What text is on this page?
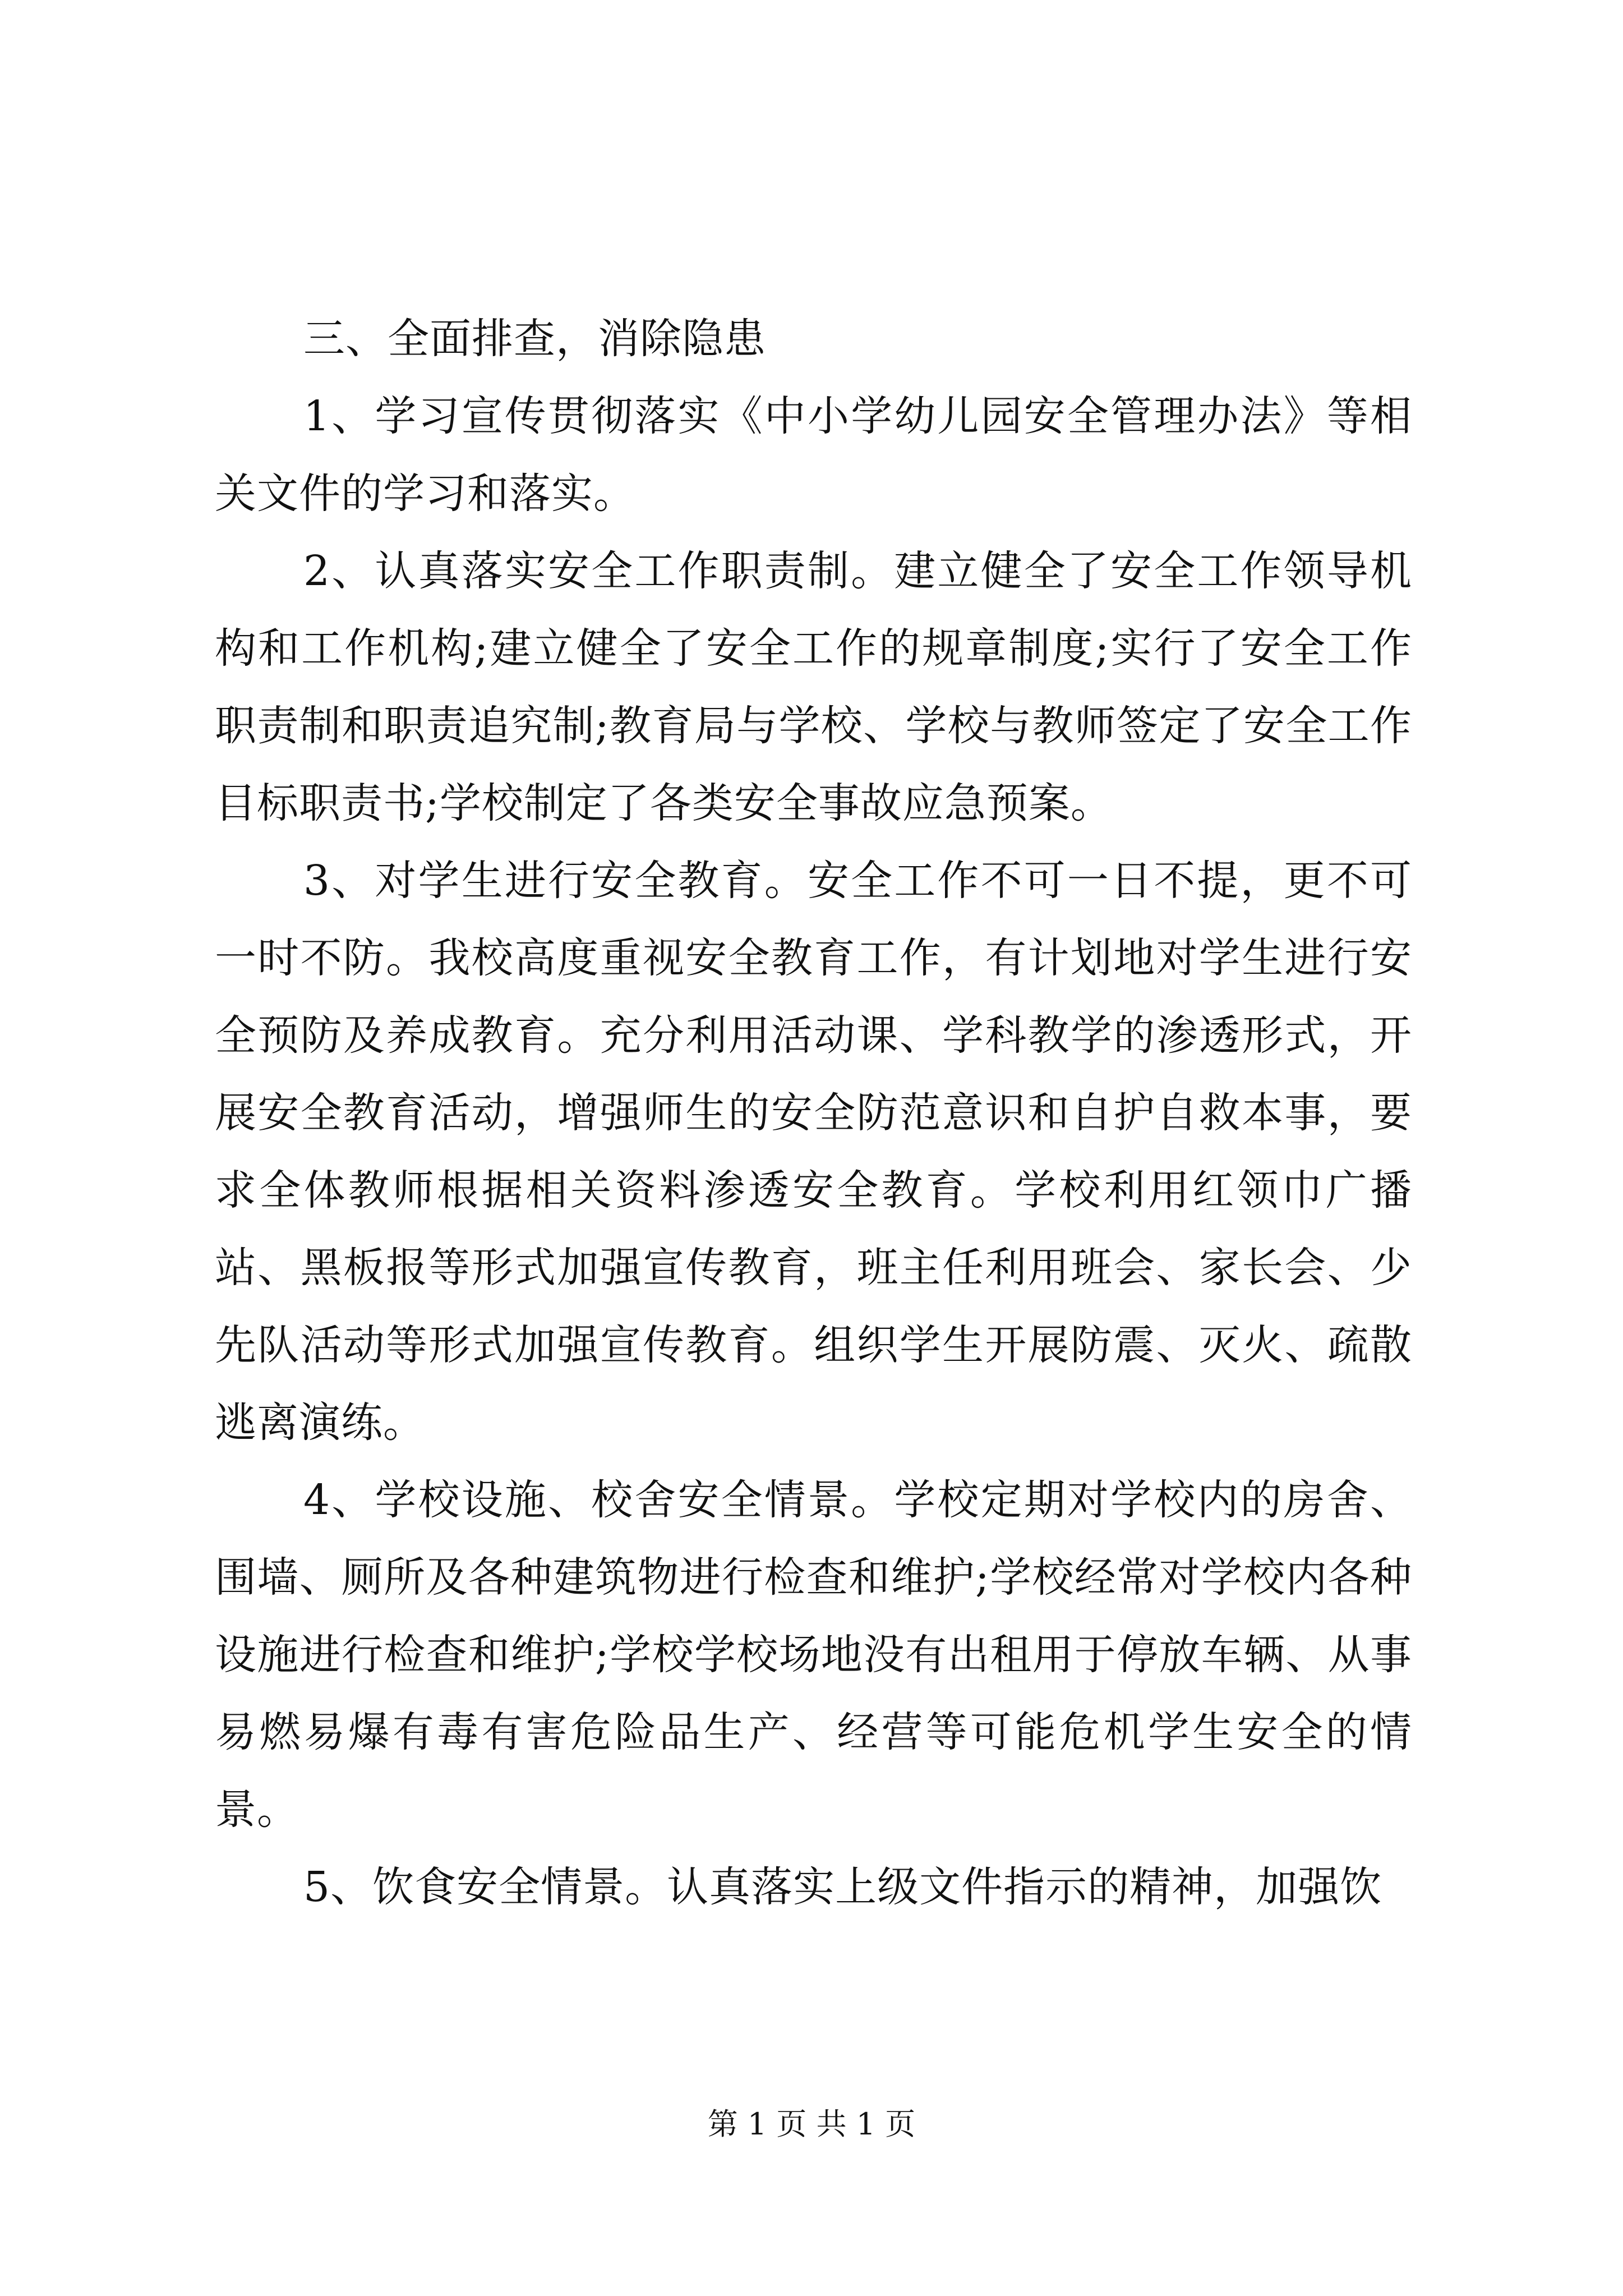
三、全面排查，消除隐患

1、学习宣传贯彻落实《中小学幼儿园安全管理办法》等相关文件的学习和落实。

2、认真落实安全工作职责制。建立健全了安全工作领导机构和工作机构;建立健全了安全工作的规章制度;实行了安全工作职责制和职责追究制;教育局与学校、学校与教师签定了安全工作目标职责书;学校制定了各类安全事故应急预案。

3、对学生进行安全教育。安全工作不可一日不提，更不可一时不防。我校高度重视安全教育工作，有计划地对学生进行安全预防及养成教育。充分利用活动课、学科教学的渗透形式，开展安全教育活动，增强师生的安全防范意识和自护自救本事，要求全体教师根据相关资料渗透安全教育。学校利用红领巾广播站、黑板报等形式加强宣传教育，班主任利用班会、家长会、少先队活动等形式加强宣传教育。组织学生开展防震、灭火、疏散逃离演练。

4、学校设施、校舍安全情景。学校定期对学校内的房舍、围墙、厕所及各种建筑物进行检查和维护;学校经常对学校内各种设施进行检查和维护;学校学校场地没有出租用于停放车辆、从事易燃易爆有毒有害危险品生产、经营等可能危机学生安全的情景。

5、饮食安全情景。认真落实上级文件指示的精神，加强饮

第 1 页 共 1 页
